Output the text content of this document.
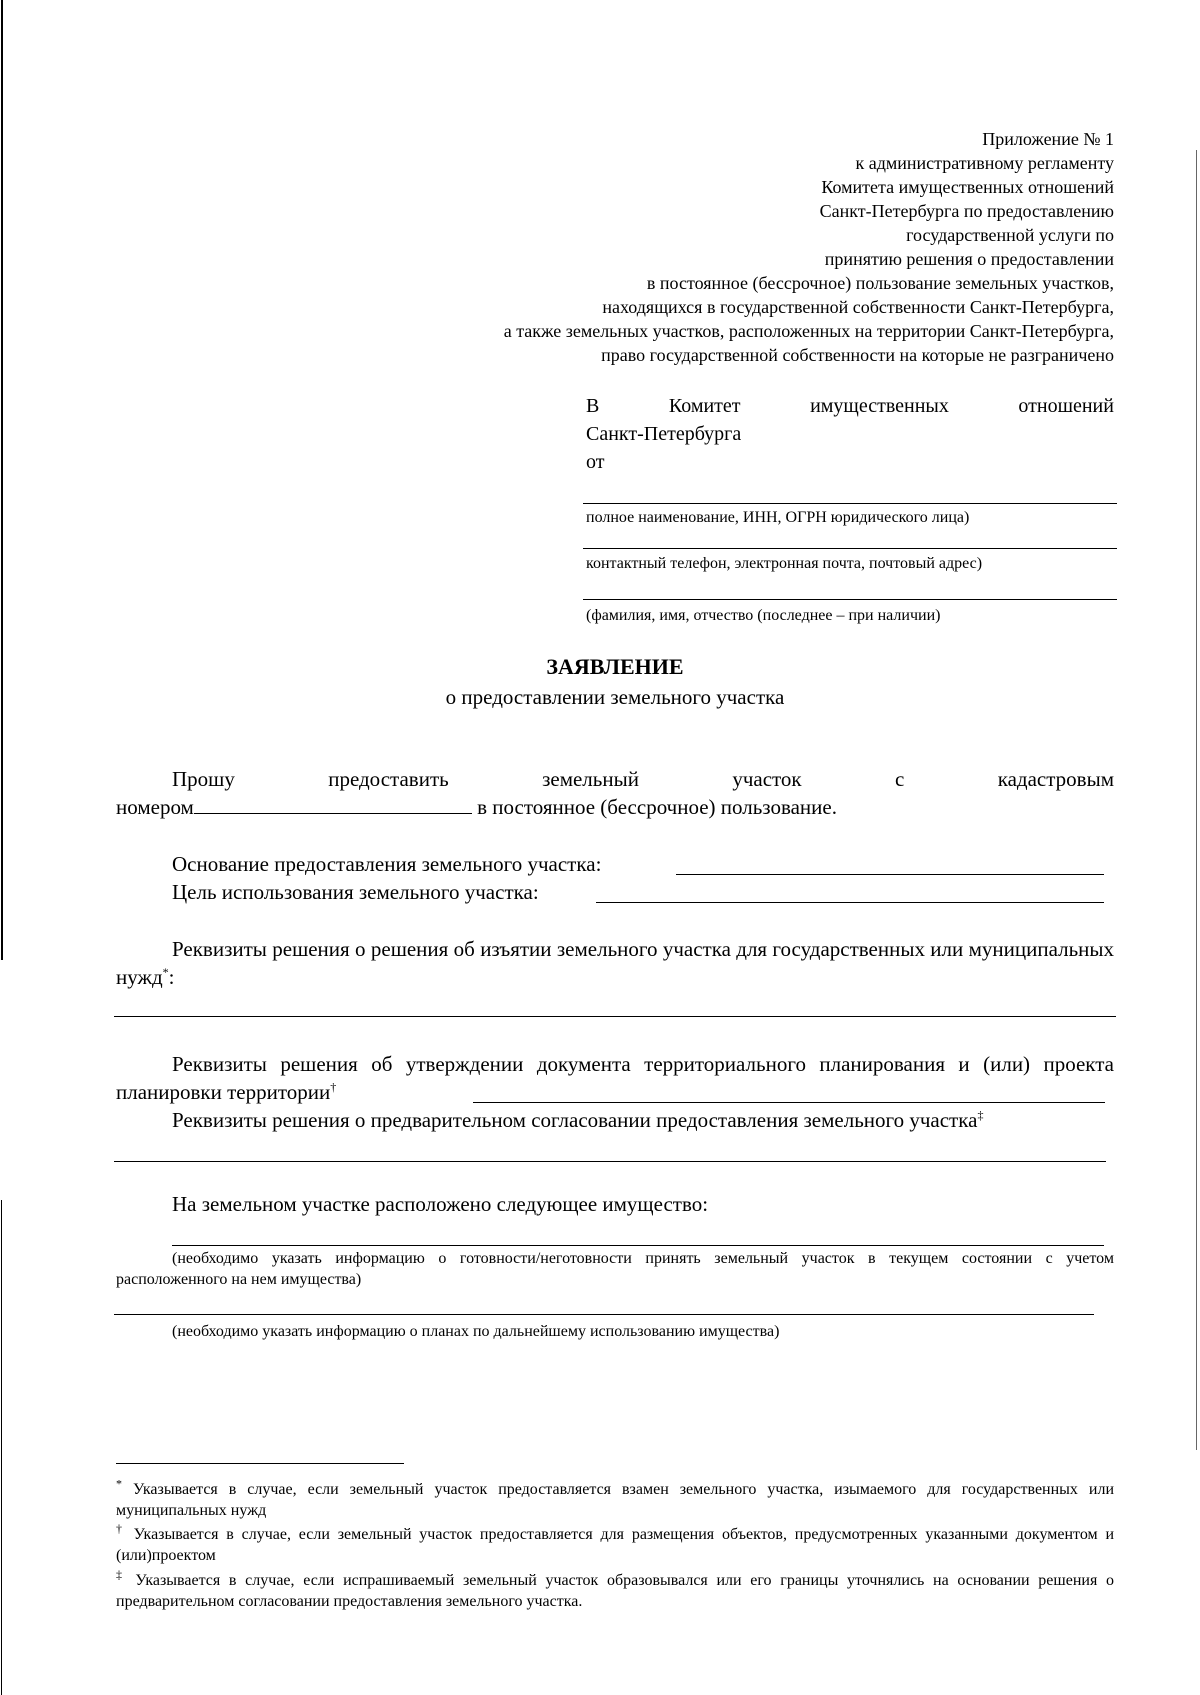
Приложение № 1
к административному регламенту
Комитета имущественных отношений
Санкт-Петербурга по предоставлению
государственной услуги по
принятию решения о предоставлении
в постоянное (бессрочное) пользование земельных участков,
находящихся в государственной собственности Санкт-Петербурга,
а также земельных участков, расположенных на территории Санкт-Петербурга,
право государственной собственности на которые не разграничено
В	Комитет	имущественных	отношений
Санкт-Петербурга
от
полное наименование, ИНН, ОГРН юридического лица)
контактный телефон, электронная почта, почтовый адрес)
(фамилия, имя, отчество (последнее – при наличии)
ЗАЯВЛЕНИЕ
о предоставлении земельного участка
Прошу	предоставить	земельный	участок	с	кадастровым
номером	в постоянное (бессрочное) пользование.
Основание предоставления земельного участка:
Цель использования земельного участка:
Реквизиты решения о решения об изъятии земельного участка для государственных или муниципальных нужд*:
Реквизиты решения об утверждении документа территориального планирования и (или) проекта планировки территории†
Реквизиты решения о предварительном согласовании предоставления земельного участка‡
На земельном участке расположено следующее имущество:
(необходимо указать информацию о готовности/неготовности принять земельный участок в текущем состоянии с учетом расположенного на нем имущества)
(необходимо указать информацию о планах по дальнейшему использованию имущества)
* Указывается в случае, если земельный участок предоставляется взамен земельного участка, изымаемого для государственных или муниципальных нужд
† Указывается в случае, если земельный участок предоставляется для размещения объектов, предусмотренных указанными документом и (или)проектом
‡ Указывается в случае, если испрашиваемый земельный участок образовывался или его границы уточнялись на основании решения о предварительном согласовании предоставления земельного участка.
